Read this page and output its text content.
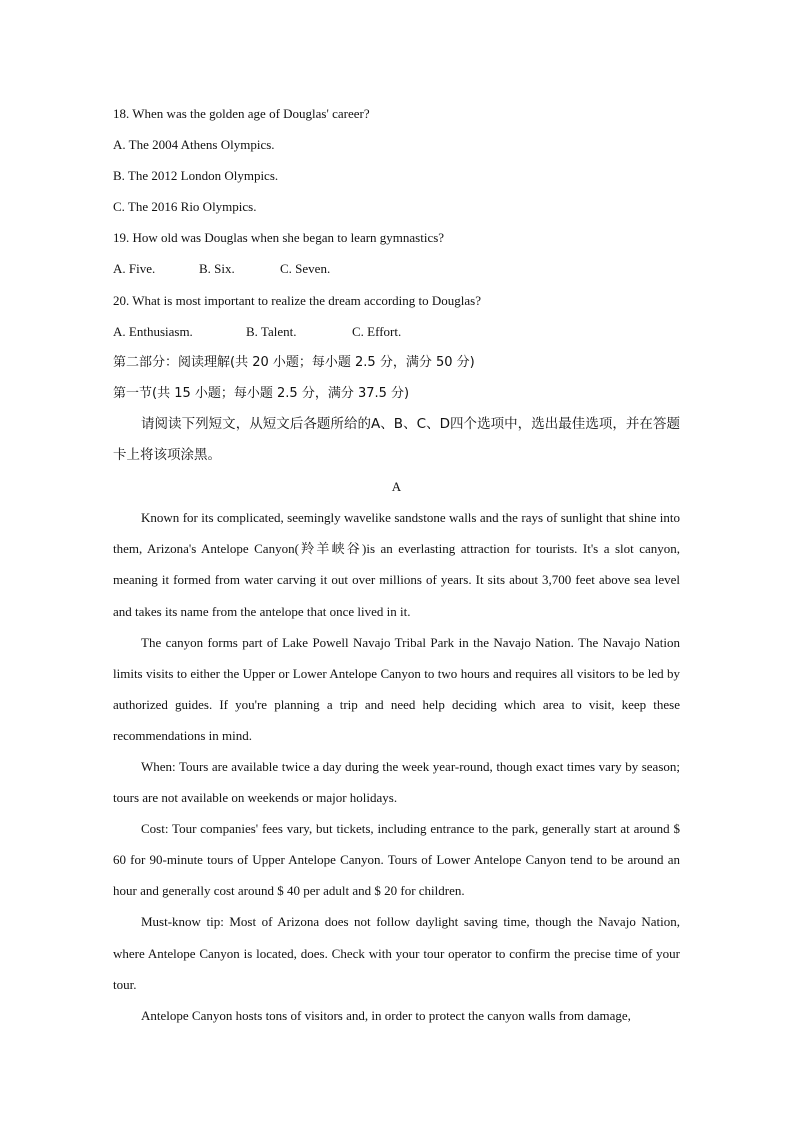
18. When was the golden age of Douglas' career?
A. The 2004 Athens Olympics.
B. The 2012 London Olympics.
C. The 2016 Rio Olympics.
19. How old was Douglas when she began to learn gymnastics?
A. Five.	B. Six.	C. Seven.
20. What is most important to realize the dream according to Douglas?
A. Enthusiasm.	B. Talent.	C. Effort.
第二部分：阅读理解(共 20 小题；每小题 2.5 分，满分 50 分)
第一节(共 15 小题；每小题 2.5 分，满分 37.5 分)

请阅读下列短文，从短文后各题所给的A、B、C、D四个选项中，选出最佳选项，并在答题卡上将该项涂黑。

A

Known for its complicated, seemingly wavelike sandstone walls and the rays of sunlight that shine into them, Arizona's Antelope Canyon(羚羊峡谷)is an everlasting attraction for tourists. It's a slot canyon, meaning it formed from water carving it out over millions of years. It sits about 3,700 feet above sea level and takes its name from the antelope that once lived in it.

The canyon forms part of Lake Powell Navajo Tribal Park in the Navajo Nation. The Navajo Nation limits visits to either the Upper or Lower Antelope Canyon to two hours and requires all visitors to be led by authorized guides. If you're planning a trip and need help deciding which area to visit, keep these recommendations in mind.

When: Tours are available twice a day during the week year-round, though exact times vary by season; tours are not available on weekends or major holidays.

Cost: Tour companies' fees vary, but tickets, including entrance to the park, generally start at around $ 60 for 90-minute tours of Upper Antelope Canyon. Tours of Lower Antelope Canyon tend to be around an hour and generally cost around $ 40 per adult and $ 20 for children.

Must-know tip: Most of Arizona does not follow daylight saving time, though the Navajo Nation, where Antelope Canyon is located, does. Check with your tour operator to confirm the precise time of your tour.

Antelope Canyon hosts tons of visitors and, in order to protect the canyon walls from damage,
